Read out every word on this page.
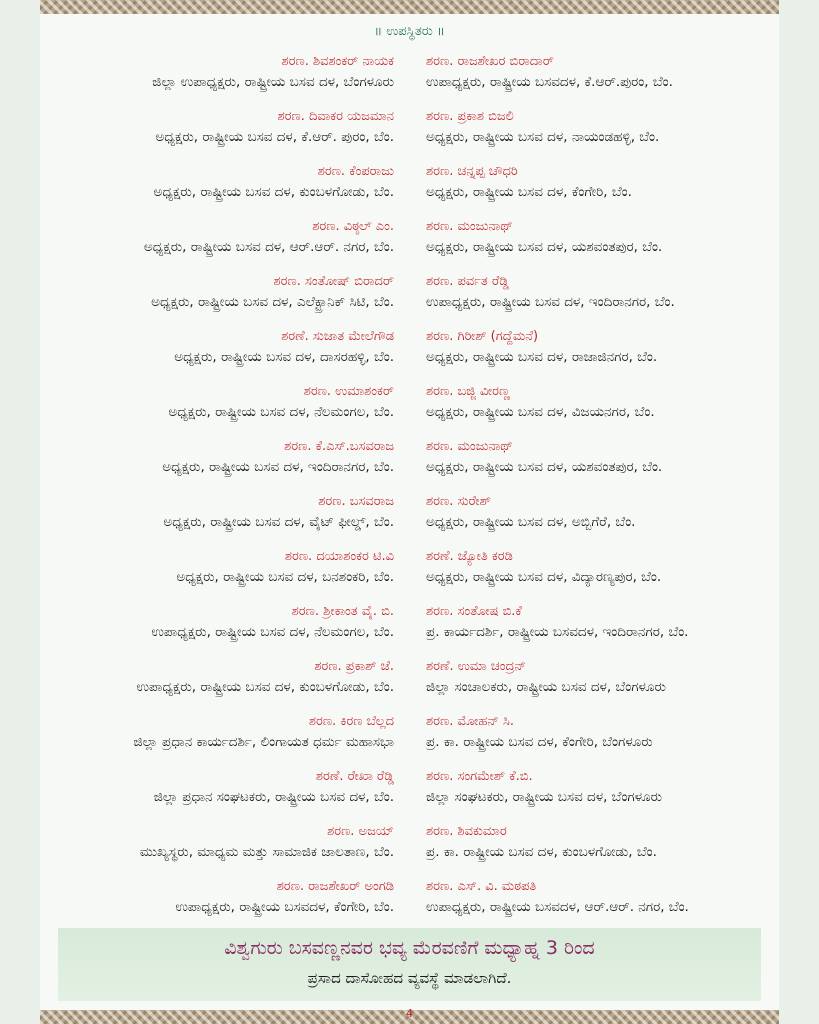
॥ ಉಪಸ್ಥಿತರು ॥
ಶರಣ. ಶಿವಶಂಕರ್ ನಾಯಕ
ಜಿಲ್ಲಾ ಉಪಾಧ್ಯಕ್ಷರು, ರಾಷ್ಟ್ರೀಯ ಬಸವ ದಳ, ಬೆಂಗಳೂರು
ಶರಣ. ರಾಜಶೇಖರ ಬಿರಾದಾರ್
ಉಪಾಧ್ಯಕ್ಷರು, ರಾಷ್ಟ್ರೀಯ ಬಸವದಳ, ಕೆ.ಆರ್.ಪುರಂ, ಬೆಂ.
ಶರಣ. ದಿವಾಕರ ಯಜಮಾನ
ಅಧ್ಯಕ್ಷರು, ರಾಷ್ಟ್ರೀಯ ಬಸವ ದಳ, ಕೆ.ಆರ್. ಪುರಂ, ಬೆಂ.
ಶರಣ. ಪ್ರಕಾಶ ಬಿಜಲಿ
ಅಧ್ಯಕ್ಷರು, ರಾಷ್ಟ್ರೀಯ ಬಸವ ದಳ, ನಾಯಂಡಹಳ್ಳಿ, ಬೆಂ.
ಶರಣ. ಕೆಂಪರಾಜು
ಅಧ್ಯಕ್ಷರು, ರಾಷ್ಟ್ರೀಯ ಬಸವ ದಳ, ಕುಂಬಳಗೋಡು, ಬೆಂ.
ಶರಣ. ಚನ್ನಪ್ಪ ಚೌಧರಿ
ಅಧ್ಯಕ್ಷರು, ರಾಷ್ಟ್ರೀಯ ಬಸವ ದಳ, ಕೆಂಗೇರಿ, ಬೆಂ.
ಶರಣ. ವಿಠ್ಠಲ್ ಎಂ.
ಅಧ್ಯಕ್ಷರು, ರಾಷ್ಟ್ರೀಯ ಬಸವ ದಳ, ಆರ್.ಆರ್. ನಗರ, ಬೆಂ.
ಶರಣ. ಮಂಜುನಾಥ್
ಅಧ್ಯಕ್ಷರು, ರಾಷ್ಟ್ರೀಯ ಬಸವ ದಳ, ಯಶವಂತಪುರ, ಬೆಂ.
ಶರಣ. ಸಂತೋಷ್ ಬಿರಾದರ್
ಅಧ್ಯಕ್ಷರು, ರಾಷ್ಟ್ರೀಯ ಬಸವ ದಳ, ಎಲೆಕ್ಟ್ರಾನಿಕ್ ಸಿಟಿ, ಬೆಂ.
ಶರಣ. ಪರ್ವತ ರೆಡ್ಡಿ
ಉಪಾಧ್ಯಕ್ಷರು, ರಾಷ್ಟ್ರೀಯ ಬಸವ ದಳ, ಇಂದಿರಾನಗರ, ಬೆಂ.
ಶರಣೆ. ಸುಜಾತ ಮೇಲೆಗೌಡ
ಅಧ್ಯಕ್ಷರು, ರಾಷ್ಟ್ರೀಯ ಬಸವ ದಳ, ದಾಸರಹಳ್ಳಿ, ಬೆಂ.
ಶರಣ. ಗಿರೀಶ್ (ಗದ್ದೆಮನೆ)
ಅಧ್ಯಕ್ಷರು, ರಾಷ್ಟ್ರೀಯ ಬಸವ ದಳ, ರಾಜಾಜಿನಗರ, ಬೆಂ.
ಶರಣ. ಉಮಾಶಂಕರ್
ಅಧ್ಯಕ್ಷರು, ರಾಷ್ಟ್ರೀಯ ಬಸವ ದಳ, ನೆಲಮಂಗಲ, ಬೆಂ.
ಶರಣ. ಬಜ್ಜಿ ವೀರಣ್ಣ
ಅಧ್ಯಕ್ಷರು, ರಾಷ್ಟ್ರೀಯ ಬಸವ ದಳ, ವಿಜಯನಗರ, ಬೆಂ.
ಶರಣ. ಕೆ.ಎಸ್.ಬಸವರಾಜ
ಅಧ್ಯಕ್ಷರು, ರಾಷ್ಟ್ರೀಯ ಬಸವ ದಳ, ಇಂದಿರಾನಗರ, ಬೆಂ.
ಶರಣ. ಮಂಜುನಾಥ್
ಅಧ್ಯಕ್ಷರು, ರಾಷ್ಟ್ರೀಯ ಬಸವ ದಳ, ಯಶವಂತಪುರ, ಬೆಂ.
ಶರಣ. ಬಸವರಾಜ
ಅಧ್ಯಕ್ಷರು, ರಾಷ್ಟ್ರೀಯ ಬಸವ ದಳ, ವೈಟ್ ಫೀಲ್ಡ್, ಬೆಂ.
ಶರಣ. ಸುರೇಶ್
ಅಧ್ಯಕ್ಷರು, ರಾಷ್ಟ್ರೀಯ ಬಸವ ದಳ, ಅಬ್ಬಿಗೆರೆ, ಬೆಂ.
ಶರಣ. ದಯಾಶಂಕರ ಟಿ.ವಿ
ಅಧ್ಯಕ್ಷರು, ರಾಷ್ಟ್ರೀಯ ಬಸವ ದಳ, ಬನಶಂಕರಿ, ಬೆಂ.
ಶರಣೆ. ಜ್ಯೋತಿ ಕರಡಿ
ಅಧ್ಯಕ್ಷರು, ರಾಷ್ಟ್ರೀಯ ಬಸವ ದಳ, ವಿದ್ಯಾರಣ್ಯಪುರ, ಬೆಂ.
ಶರಣ. ಶ್ರೀಕಾಂತ ವೈ. ಬಿ.
ಉಪಾಧ್ಯಕ್ಷರು, ರಾಷ್ಟ್ರೀಯ ಬಸವ ದಳ, ನೆಲಮಂಗಲ, ಬೆಂ.
ಶರಣ. ಸಂತೋಷ ಬಿ.ಕೆ
ಪ್ರ. ಕಾರ್ಯದರ್ಶಿ, ರಾಷ್ಟ್ರೀಯ ಬಸವದಳ, ಇಂದಿರಾನಗರ, ಬೆಂ.
ಶರಣ. ಪ್ರಕಾಶ್ ಜೆ.
ಉಪಾಧ್ಯಕ್ಷರು, ರಾಷ್ಟ್ರೀಯ ಬಸವ ದಳ, ಕುಂಬಳಗೋಡು, ಬೆಂ.
ಶರಣೆ. ಉಮಾ ಚಂದ್ರನ್
ಜಿಲ್ಲಾ ಸಂಚಾಲಕರು, ರಾಷ್ಟ್ರೀಯ ಬಸವ ದಳ, ಬೆಂಗಳೂರು
ಶರಣ. ಕಿರಣ ಬೆಲ್ಲದ
ಜಿಲ್ಲಾ ಪ್ರಧಾನ ಕಾರ್ಯದರ್ಶಿ, ಲಿಂಗಾಯತ ಧರ್ಮ ಮಹಾಸಭಾ
ಶರಣ. ಮೋಹನ್ ಸಿ.
ಪ್ರ. ಕಾ. ರಾಷ್ಟ್ರೀಯ ಬಸವ ದಳ, ಕೆಂಗೇರಿ, ಬೆಂಗಳೂರು
ಶರಣೆ. ರೇಖಾ ರೆಡ್ಡಿ
ಜಿಲ್ಲಾ ಪ್ರಧಾನ ಸಂಘಟಕರು, ರಾಷ್ಟ್ರೀಯ ಬಸವ ದಳ, ಬೆಂ.
ಶರಣ. ಸಂಗಮೇಶ್ ಕೆ.ಬಿ.
ಜಿಲ್ಲಾ ಸಂಘಟಕರು, ರಾಷ್ಟ್ರೀಯ ಬಸವ ದಳ, ಬೆಂಗಳೂರು
ಶರಣ. ಅಜಯ್
ಮುಖ್ಯಸ್ಥರು, ಮಾಧ್ಯಮ ಮತ್ತು ಸಾಮಾಜಿಕ ಜಾಲತಾಣ, ಬೆಂ.
ಶರಣ. ಶಿವಕುಮಾರ
ಪ್ರ. ಕಾ. ರಾಷ್ಟ್ರೀಯ ಬಸವ ದಳ, ಕುಂಬಳಗೋಡು, ಬೆಂ.
ಶರಣ. ರಾಜಶೇಖರ್ ಅಂಗಡಿ
ಉಪಾಧ್ಯಕ್ಷರು, ರಾಷ್ಟ್ರೀಯ ಬಸವದಳ, ಕೆಂಗೇರಿ, ಬೆಂ.
ಶರಣ. ಎಸ್. ವಿ. ಮಠಪತಿ
ಉಪಾಧ್ಯಕ್ಷರು, ರಾಷ್ಟ್ರೀಯ ಬಸವದಳ, ಆರ್.ಆರ್. ನಗರ, ಬೆಂ.
ವಿಶ್ವಗುರು ಬಸವಣ್ಣನವರ ಭವ್ಯ ಮೆರವಣಿಗೆ ಮಧ್ಯಾಹ್ನ 3 ರಿಂದ
ಪ್ರಸಾದ ದಾಸೋಹದ ವ್ಯವಸ್ಥೆ ಮಾಡಲಾಗಿದೆ.
4
